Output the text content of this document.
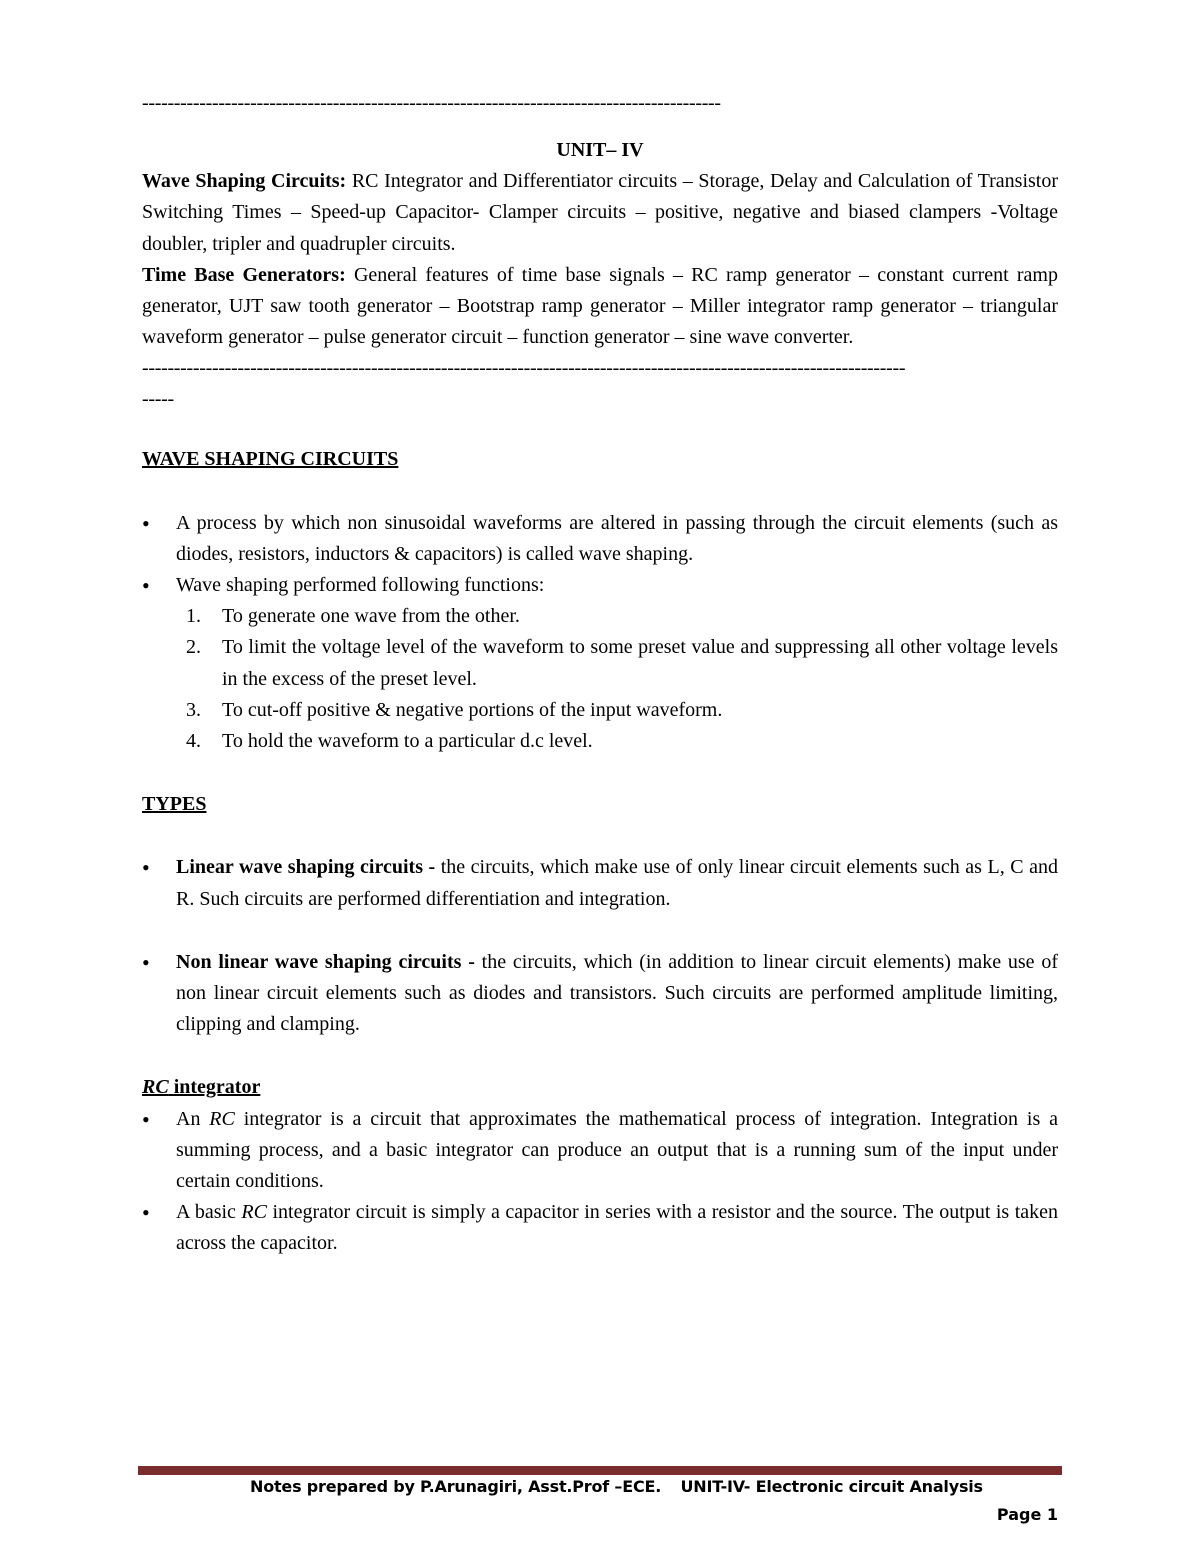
-------------------------------------------------------------------------------------------
UNIT– IV

Wave Shaping Circuits: RC Integrator and Differentiator circuits – Storage, Delay and Calculation of Transistor Switching Times – Speed-up Capacitor- Clamper circuits – positive, negative and biased clampers -Voltage doubler, tripler and quadrupler circuits.

Time Base Generators: General features of time base signals – RC ramp generator – constant current ramp generator, UJT saw tooth generator – Bootstrap ramp generator – Miller integrator ramp generator – triangular waveform generator – pulse generator circuit – function generator – sine wave converter.

------------------------------------------------------------------------------------------------------------------------
-----

WAVE SHAPING CIRCUITS

• A process by which non sinusoidal waveforms are altered in passing through the circuit elements (such as diodes, resistors, inductors & capacitors) is called wave shaping.
• Wave shaping performed following functions:
1. To generate one wave from the other.
2. To limit the voltage level of the waveform to some preset value and suppressing all other voltage levels in the excess of the preset level.
3. To cut-off positive & negative portions of the input waveform.
4. To hold the waveform to a particular d.c level.

TYPES

• Linear wave shaping circuits - the circuits, which make use of only linear circuit elements such as L, C and R. Such circuits are performed differentiation and integration.
• Non linear wave shaping circuits - the circuits, which (in addition to linear circuit elements) make use of non linear circuit elements such as diodes and transistors. Such circuits are performed amplitude limiting, clipping and clamping.

RC integrator

• An RC integrator is a circuit that approximates the mathematical process of integration. Integration is a summing process, and a basic integrator can produce an output that is a running sum of the input under certain conditions.
• A basic RC integrator circuit is simply a capacitor in series with a resistor and the source. The output is taken across the capacitor.
Notes prepared by P.Arunagiri, Asst.Prof –ECE. UNIT-IV- Electronic circuit Analysis
Page 1
